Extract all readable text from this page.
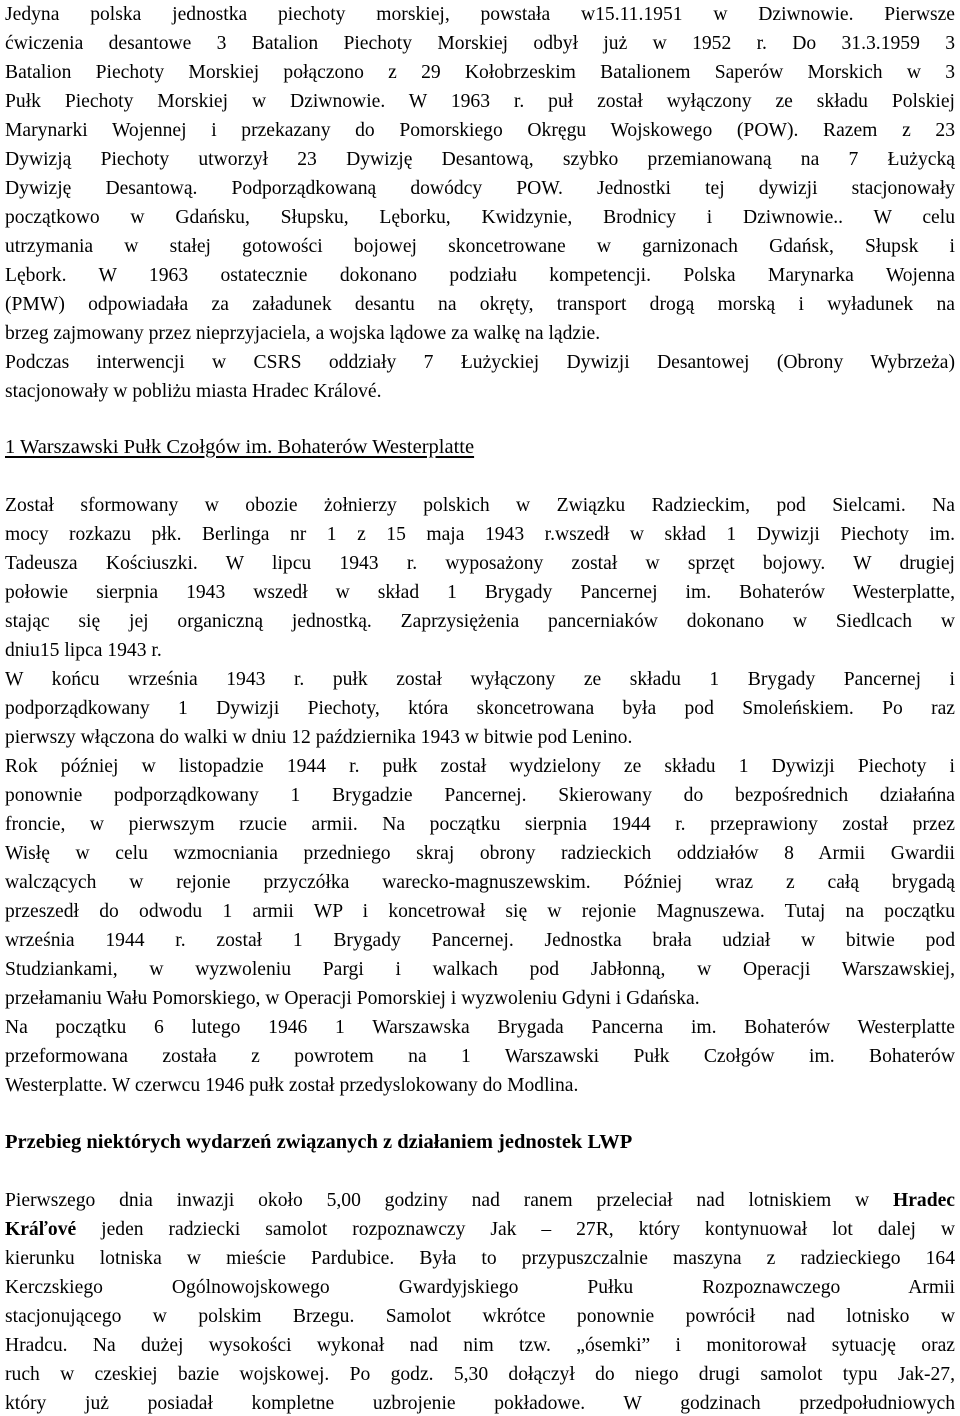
Jedyna polska jednostka piechoty morskiej, powstała w15.11.1951 w Dziwnowie. Pierwsze
ćwiczenia desantowe 3 Batalion Piechoty Morskiej odbył już w 1952 r. Do 31.3.1959 3
Batalion Piechoty Morskiej połączono z 29 Kołobrzeskim Batalionem Saperów Morskich w 3
Pułk Piechoty Morskiej w Dziwnowie. W 1963 r. puł został wyłączony ze składu Polskiej
Marynarki Wojennej i przekazany do Pomorskiego Okręgu Wojskowego (POW). Razem z 23
Dywizją Piechoty utworzył 23 Dywizję Desantową, szybko przemianowaną na 7 Łużycką
Dywizję Desantową. Podporządkowaną dowódcy POW. Jednostki tej dywizji stacjonowały
początkowo w Gdańsku, Słupsku, Lęborku, Kwidzynie, Brodnicy i Dziwnowie.. W celu
utrzymania w stałej gotowości bojowej skoncetrowane w garnizonach Gdańsk, Słupsk i
Lębork. W 1963 ostatecznie dokonano podziału kompetencji. Polska Marynarka Wojenna
(PMW) odpowiadała za załadunek desantu na okręty, transport drogą morską i wyładunek na
brzeg zajmowany przez nieprzyjaciela, a wojska lądowe za walkę na lądzie.
Podczas interwencji w CSRS oddziały 7 Łużyckiej Dywizji Desantowej (Obrony Wybrzeża)
stacjonowały w pobliżu miasta Hradec Králové.
1 Warszawski Pułk Czołgów im. Bohaterów Westerplatte
Został sformowany w obozie żołnierzy polskich w Związku Radzieckim, pod Sielcami. Na
mocy rozkazu płk. Berlinga nr 1 z 15 maja 1943 r.wszedł w skład 1 Dywizji Piechoty im.
Tadeusza Kościuszki. W lipcu 1943 r. wyposażony został w sprzęt bojowy. W drugiej
połowie sierpnia 1943 wszedł w skład 1 Brygady Pancernej im. Bohaterów Westerplatte,
stając się jej organiczną jednostką. Zaprzysiężenia pancerniaków dokonano w Siedlcach w
dniu15 lipca 1943 r.
W końcu września 1943 r. pułk został wyłączony ze składu 1 Brygady Pancernej i
podporządkowany 1 Dywizji Piechoty, która skoncetrowana była pod Smoleńskiem. Po raz
pierwszy włączona do walki w dniu 12 października 1943 w bitwie pod Lenino.
Rok później w listopadzie 1944 r. pułk został wydzielony ze składu 1 Dywizji Piechoty i
ponownie podporządkowany 1 Brygadzie Pancernej. Skierowany do bezpośrednich działańna
froncie, w pierwszym rzucie armii. Na początku sierpnia 1944 r. przeprawiony został przez
Wisłę w celu wzmocniania przedniego skraj obrony radzieckich oddziałów 8 Armii Gwardii
walczących w rejonie przyczółka warecko-magnuszewskim. Później wraz z całą brygadą
przeszedł do odwodu 1 armii WP i koncetrował się w rejonie Magnuszewa. Tutaj na początku
września 1944 r. został 1 Brygady Pancernej. Jednostka brała udział w bitwie pod
Studziankami, w wyzwoleniu Pargi i walkach pod Jabłonną, w Operacji Warszawskiej,
przełamaniu Wału Pomorskiego, w Operacji Pomorskiej i wyzwoleniu Gdyni i Gdańska.
Na początku 6 lutego 1946 1 Warszawska Brygada Pancerna im. Bohaterów Westerplatte
przeformowana została z powrotem na 1 Warszawski Pułk Czołgów im. Bohaterów
Westerplatte. W czerwcu 1946 pułk został przedyslokowany do Modlina.
Przebieg niektórych wydarzeń związanych z działaniem jednostek LWP
Pierwszego dnia inwazji około 5,00 godziny nad ranem przeleciał nad lotniskiem w Hradec
Kráľové jeden radziecki samolot rozpoznawczy Jak – 27R, który kontynuował lot dalej w
kierunku lotniska w mieście Pardubice. Była to przypuszczalnie maszyna z radzieckiego 164
Kerczskiego Ogólnowojskowego Gwardyjskiego Pułku Rozpoznawczego Armii
stacjonującego w polskim Brzegu. Samolot wkrótce ponownie powrócił nad lotnisko w
Hradcu. Na dużej wysokości wykonał nad nim tzw. „ósemki” i monitorował sytuację oraz
ruch w czeskiej bazie wojskowej. Po godz. 5,30 dołączył do niego drugi samolot typu Jak-27,
który już posiadał kompletne uzbrojenie pokładowe. W godzinach przedpołudniowych
